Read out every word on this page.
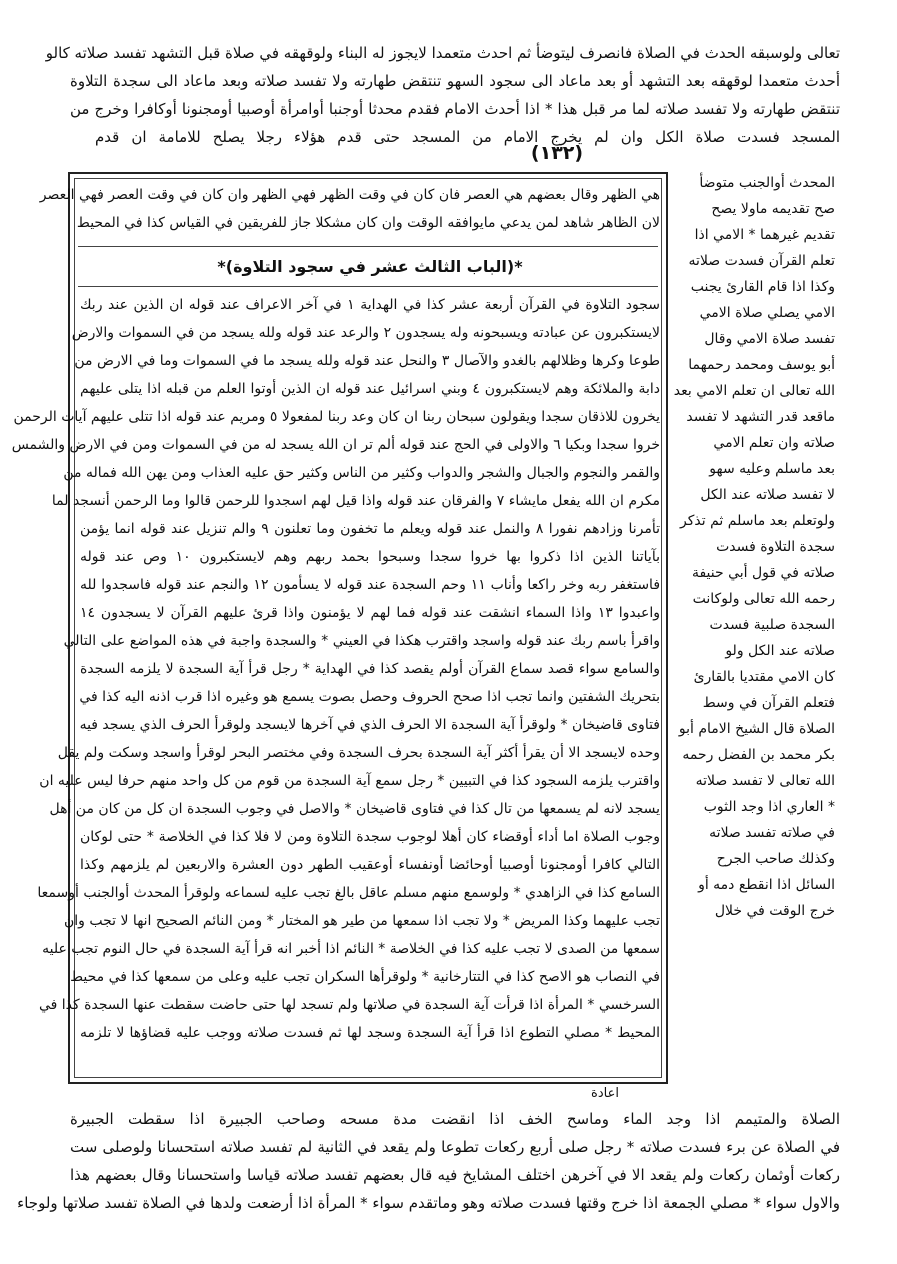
تعالى ولوسبقه الحدث في الصلاة فانصرف ليتوضأ ثم احدث متعمدا لايجوز له البناء ولوقهقه في صلاة قبل التشهد تفسد صلاته كالو
أحدث متعمدا لوقهقه بعد التشهد أو بعد ماعاد الى سجود السهو تنتقض طهارته ولا تفسد صلاته وبعد ماعاد الى سجدة التلاوة
تنتقض طهارته ولا تفسد صلاته لما مر قبل هذا * اذا أحدث الامام فقدم محدثا أوجنبا أوامرأة أوصبيا أومجنونا أوكافرا وخرج من
المسجد فسدت صلاة الكل وان لم يخرج الامام من المسجد حتى قدم هؤلاء رجلا يصلح للامامة ان قدم
(١٣٢)
المحدث أوالجنب متوضأ
صح تقديمه ماولا يصح
تقديم غيرهما * الامي اذا
تعلم القرآن فسدت صلاته
وكذا اذا قام القارئ يجنب
الامي يصلي صلاة الامي
تفسد صلاة الامي وقال
أبو يوسف ومحمد رحمهما
الله تعالى ان تعلم الامي بعد
ماقعد قدر التشهد لا تفسد
صلاته وان تعلم الامي
بعد ماسلم وعليه سهو
لا تفسد صلاته عند الكل
ولوتعلم بعد ماسلم ثم تذكر
سجدة التلاوة فسدت
صلاته في قول أبي حنيفة
رحمه الله تعالى ولوكانت
السجدة صلبية فسدت
صلاته عند الكل ولو
كان الامي مقتديا بالقارئ
فتعلم القرآن في وسط
الصلاة قال الشيخ الامام أبو
بكر محمد بن الفضل رحمه
الله تعالى لا تفسد صلاته
* العاري اذا وجد الثوب
في صلاته تفسد صلاته
وكذلك صاحب الجرح
السائل اذا انقطع دمه أو
خرج الوقت في خلال
هي الظهر وقال بعضهم هي العصر فان كان في وقت الظهر فهي الظهر وان كان في وقت العصر فهي العصر
لان الظاهر شاهد لمن يدعي مايوافقه الوقت وان كان مشكلا جاز للفريقين في القياس كذا في المحيط
*(الباب الثالث عشر في سجود التلاوة)*
سجود التلاوة في القرآن أربعة عشر كذا في الهداية ١ في آخر الاعراف عند قوله ان الذين عند ربك
لايستكبرون عن عبادته ويسبحونه وله يسجدون ٢ والرعد عند قوله ولله يسجد من في السموات والارض
طوعا وكرها وظلالهم بالغدو والآصال ٣ والنحل عند قوله ولله يسجد ما في السموات وما في الارض من
دابة والملائكة وهم لايستكبرون ٤ وبني اسرائيل عند قوله ان الذين أوتوا العلم من قبله اذا يتلى عليهم
يخرون للاذقان سجدا ويقولون سبحان ربنا ان كان وعد ربنا لمفعولا ٥ ومريم عند قوله اذا تتلى عليهم آيات الرحمن
خروا سجدا وبكيا ٦ والاولى في الحج عند قوله ألم تر ان الله يسجد له من في السموات ومن في الارض والشمس
والقمر والنجوم والجبال والشجر والدواب وكثير من الناس وكثير حق عليه العذاب ومن يهن الله فماله من
مكرم ان الله يفعل مايشاء ٧ والفرقان عند قوله واذا قيل لهم اسجدوا للرحمن قالوا وما الرحمن أنسجد لما
تأمرنا وزادهم نفورا ٨ والنمل عند قوله ويعلم ما تخفون وما تعلنون ٩ والم تنزيل عند قوله انما يؤمن
بآياتنا الذين اذا ذكروا بها خروا سجدا وسبحوا بحمد ربهم وهم لايستكبرون ١٠ وص عند قوله
فاستغفر ربه وخر راكعا وأناب ١١ وحم السجدة عند قوله لا يسأمون ١٢ والنجم عند قوله فاسجدوا لله
واعبدوا ١٣ واذا السماء انشقت عند قوله فما لهم لا يؤمنون واذا قرئ عليهم القرآن لا يسجدون ١٤
واقرأ باسم ربك عند قوله واسجد واقترب هكذا في العيني * والسجدة واجبة في هذه المواضع على التالي
والسامع سواء قصد سماع القرآن أولم يقصد كذا في الهداية * رجل قرأ آية السجدة لا يلزمه السجدة
بتحريك الشفتين وانما تجب اذا صحح الحروف وحصل بصوت يسمع هو وغيره اذا قرب اذنه اليه كذا في
فتاوى قاضيخان * ولوقرأ آية السجدة الا الحرف الذي في آخرها لايسجد ولوقرأ الحرف الذي يسجد فيه
وحده لايسجد الا أن يقرأ أكثر آية السجدة بحرف السجدة وفي مختصر البحر لوقرأ واسجد وسكت ولم يقل
واقترب يلزمه السجود كذا في التبيين * رجل سمع آية السجدة من قوم من كل واحد منهم حرفا ليس عليه ان
يسجد لانه لم يسمعها من تال كذا في فتاوى قاضيخان * والاصل في وجوب السجدة ان كل من كان من أهل
وجوب الصلاة اما أداء أوقضاء كان أهلا لوجوب سجدة التلاوة ومن لا فلا كذا في الخلاصة * حتى لوكان
التالي كافرا أومجنونا أوصبيا أوحائضا أونفساء أوعقيب الطهر دون العشرة والاربعين لم يلزمهم وكذا
السامع كذا في الزاهدي * ولوسمع منهم مسلم عاقل بالغ تجب عليه لسماعه ولوقرأ المحدث أوالجنب أوسمعا
تجب عليهما وكذا المريض * ولا تجب اذا سمعها من طير هو المختار * ومن النائم الصحيح انها لا تجب وان
سمعها من الصدى لا تجب عليه كذا في الخلاصة * النائم اذا أخبر انه قرأ آية السجدة في حال النوم تجب عليه
في النصاب هو الاصح كذا في التتارخانية * ولوقرأها السكران تجب عليه وعلى من سمعها كذا في محيط
السرخسي * المرأة اذا قرأت آية السجدة في صلاتها ولم تسجد لها حتى حاضت سقطت عنها السجدة كذا في
المحيط * مصلي التطوع اذا قرأ آية السجدة وسجد لها ثم فسدت صلاته ووجب عليه قضاؤها لا تلزمه
اعادة
الصلاة والمتيمم اذا وجد الماء وماسح الخف اذا انقضت مدة مسحه وصاحب الجبيرة اذا سقطت الجبيرة
في الصلاة عن برء فسدت صلاته * رجل صلى أربع ركعات تطوعا ولم يقعد في الثانية لم تفسد صلاته استحسانا ولوصلى ست
ركعات أوثمان ركعات ولم يقعد الا في آخرهن اختلف المشايخ فيه قال بعضهم تفسد صلاته قياسا واستحسانا وقال بعضهم هذا
والاول سواء * مصلي الجمعة اذا خرج وقتها فسدت صلاته وهو وماتقدم سواء * المرأة اذا أرضعت ولدها في الصلاة تفسد صلاتها ولوجاء
